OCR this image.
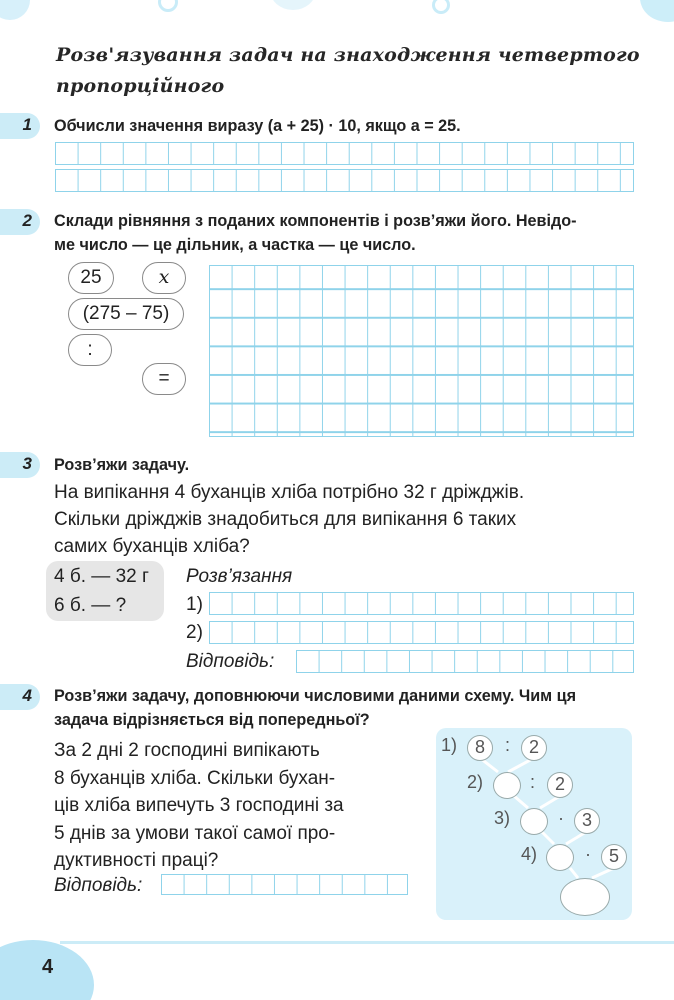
Розв'язування задач на знаходження четвертого
пропорційного
1 Обчисли значення виразу (а + 25) · 10, якщо а = 25.
2 Склади рівняння з поданих компонентів і розв’яжи його. Невідо-
ме число — це дільник, а частка — це число.
25	x
(275 – 75)
:
=
3 Розв’яжи задачу.
На випікання 4 буханців хліба потрібно 32 г дріжджів.
Скільки дріжджів знадобиться для випікання 6 таких
самих буханців хліба?
4 б. — 32 г
6 б. — ?
Розв’язання
1)
2)
Відповідь:
4 Розв’яжи задачу, доповнюючи числовими даними схему. Чим ця
задача відрізняється від попередньої?
За 2 дні 2 господині випікають
8 буханців хліба. Скільки бухан-
ців хліба випечуть 3 господині за
5 днів за умови такої самої про-
дуктивності праці?
Відповідь:
1) 8	:	2
2)	:	2
3)	· 3
4)	· 5
4
